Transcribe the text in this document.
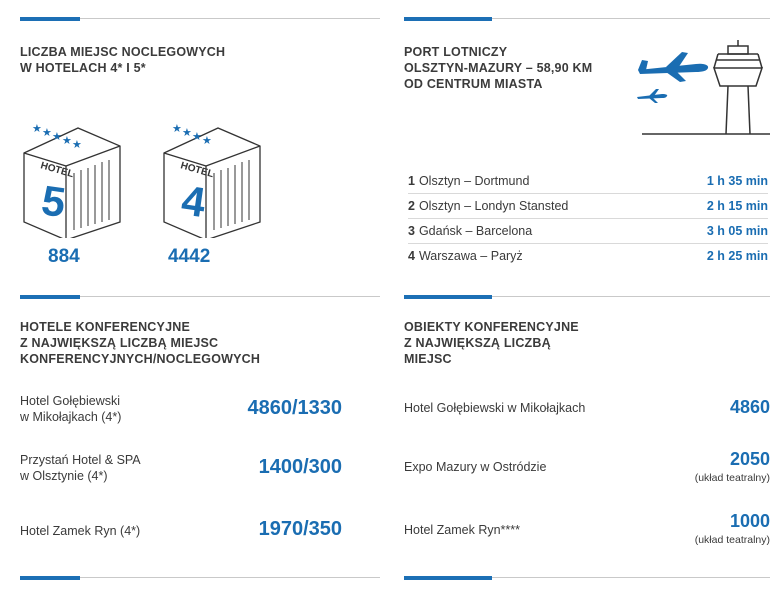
LICZBA MIEJSC NOCLEGOWYCH
W HOTELACH 4* I 5*
HOTEL
5
★ ★ ★ ★ ★
884
HOTEL
4
★ ★ ★ ★
4442
PORT LOTNICZY
OLSZTYN-MAZURY – 58,90 KM
OD CENTRUM MIASTA
1 Olsztyn – Dortmund	1 h 35 min
2 Olsztyn – Londyn Stansted	2 h 15 min
3 Gdańsk – Barcelona	3 h 05 min
4 Warszawa – Paryż	2 h 25 min
HOTELE KONFERENCYJNE
Z NAJWIĘKSZĄ LICZBĄ MIEJSC
KONFERENCYJNYCH/NOCLEGOWYCH
Hotel Gołębiewski
w Mikołajkach (4*)	4860/1330
Przystań Hotel & SPA
w Olsztynie (4*)	1400/300
Hotel Zamek Ryn (4*)	1970/350
OBIEKTY KONFERENCYJNE
Z NAJWIĘKSZĄ LICZBĄ
MIEJSC
Hotel Gołębiewski w Mikołajkach	4860
Expo Mazury w Ostródzie	2050
(układ teatralny)
Hotel Zamek Ryn****	1000
(układ teatralny)
